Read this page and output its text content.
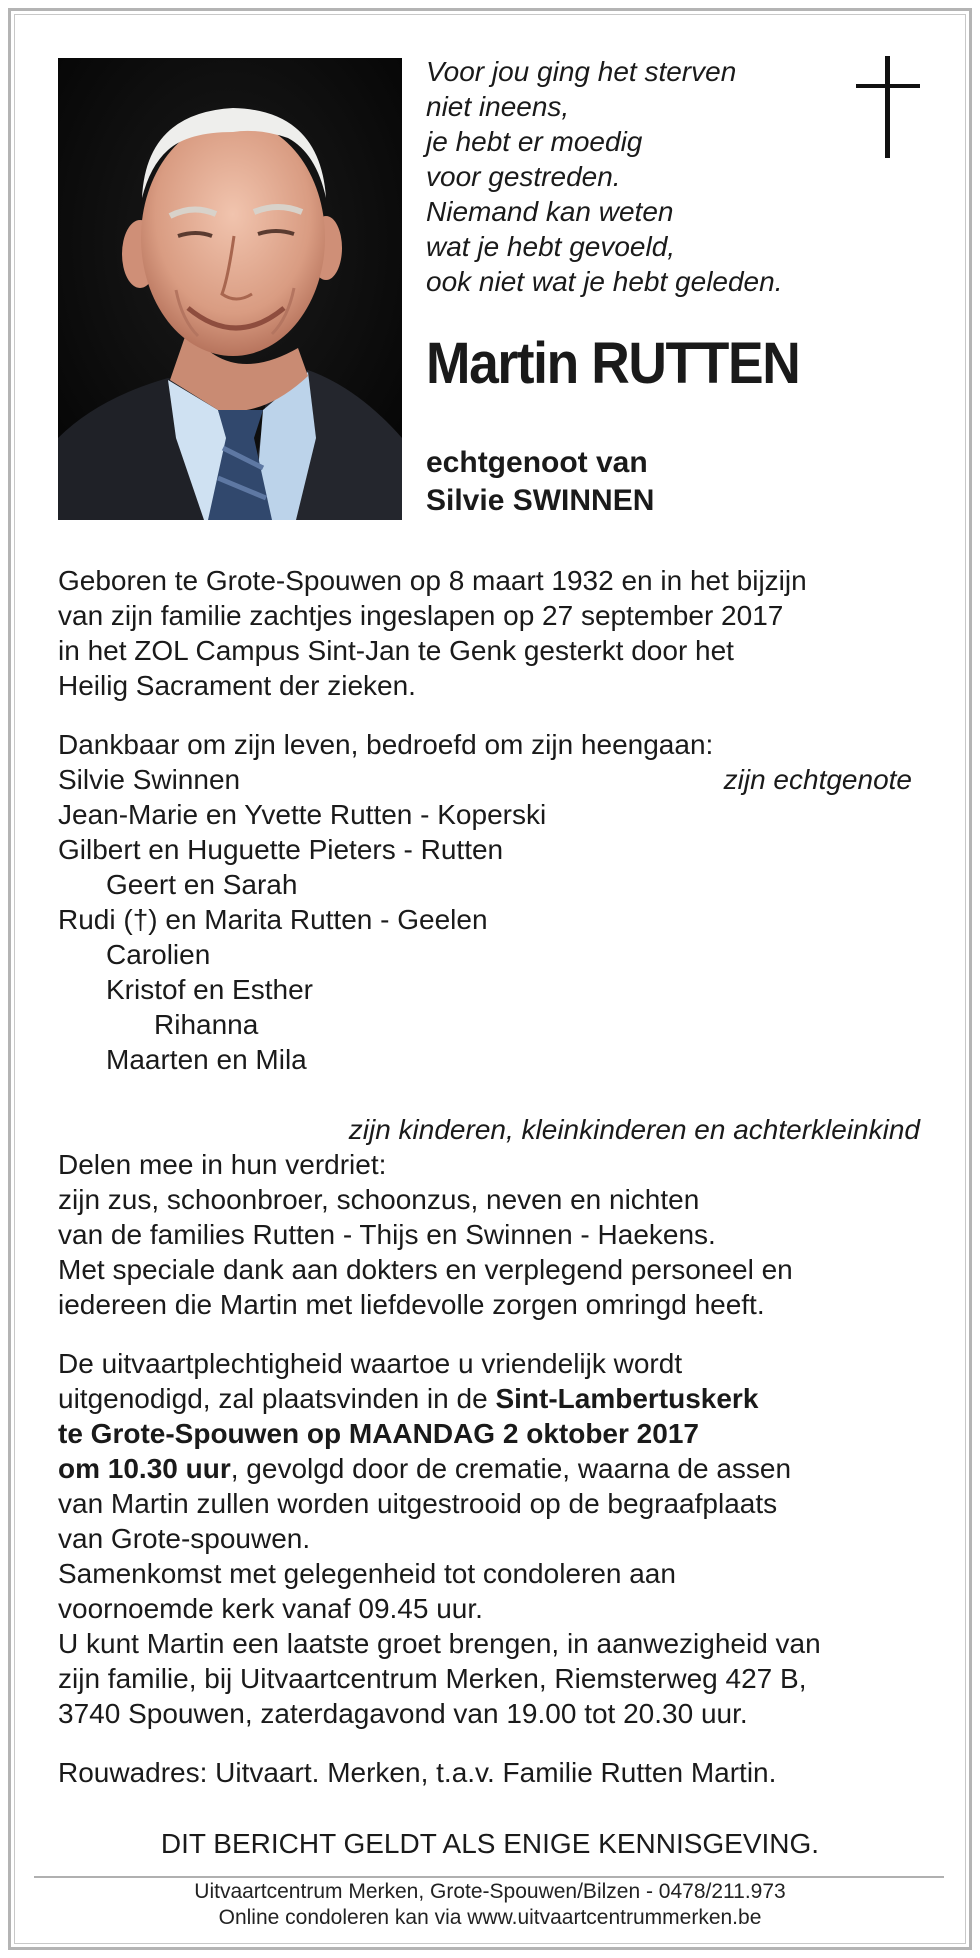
Voor jou ging het sterven
niet ineens,
je hebt er moedig
voor gestreden.
Niemand kan weten
wat je hebt gevoeld,
ook niet wat je hebt geleden.
Martin RUTTEN
echtgenoot van
Silvie SWINNEN
Geboren te Grote-Spouwen op 8 maart 1932 en in het bijzijn
van zijn familie zachtjes ingeslapen op 27 september 2017
in het ZOL Campus Sint-Jan te Genk gesterkt door het
Heilig Sacrament der zieken.
Dankbaar om zijn leven, bedroefd om zijn heengaan:
Silvie Swinnen	zijn echtgenote
Jean-Marie en Yvette Rutten - Koperski
Gilbert en Huguette Pieters - Rutten
Geert en Sarah
Rudi (†) en Marita Rutten - Geelen
Carolien
Kristof en Esther
Rihanna
Maarten en Mila
zijn kinderen, kleinkinderen en achterkleinkind
Delen mee in hun verdriet:
zijn zus, schoonbroer, schoonzus, neven en nichten
van de families Rutten - Thijs en Swinnen - Haekens.
Met speciale dank aan dokters en verplegend personeel en
iedereen die Martin met liefdevolle zorgen omringd heeft.
De uitvaartplechtigheid waartoe u vriendelijk wordt
uitgenodigd, zal plaatsvinden in de Sint-Lambertuskerk
te Grote-Spouwen op MAANDAG 2 oktober 2017
om 10.30 uur, gevolgd door de crematie, waarna de assen
van Martin zullen worden uitgestrooid op de begraafplaats
van Grote-spouwen.
Samenkomst met gelegenheid tot condoleren aan
voornoemde kerk vanaf 09.45 uur.
U kunt Martin een laatste groet brengen, in aanwezigheid van
zijn familie, bij Uitvaartcentrum Merken, Riemsterweg 427 B,
3740 Spouwen, zaterdagavond van 19.00 tot 20.30 uur.
Rouwadres: Uitvaart. Merken, t.a.v. Familie Rutten Martin.
DIT BERICHT GELDT ALS ENIGE KENNISGEVING.
Uitvaartcentrum Merken, Grote-Spouwen/Bilzen - 0478/211.973
Online condoleren kan via www.uitvaartcentrummerken.be
